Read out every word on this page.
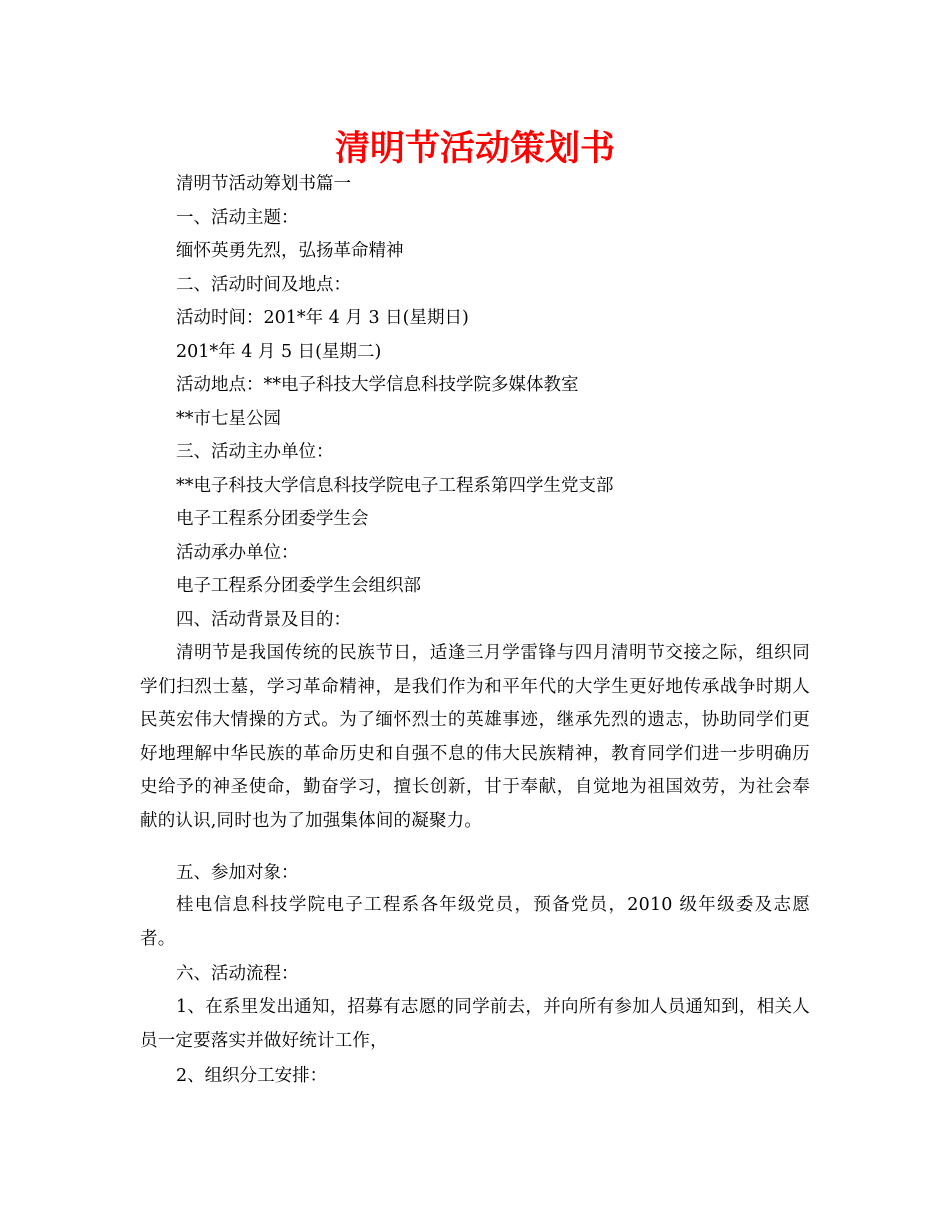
清明节活动策划书

清明节活动筹划书篇一

一、活动主题：

缅怀英勇先烈，弘扬革命精神

二、活动时间及地点：

活动时间：201*年 4 月 3 日(星期日)

201*年 4 月 5 日(星期二)

活动地点：**电子科技大学信息科技学院多媒体教室

**市七星公园

三、活动主办单位：

**电子科技大学信息科技学院电子工程系第四学生党支部

电子工程系分团委学生会

活动承办单位：

电子工程系分团委学生会组织部

四、活动背景及目的：

清明节是我国传统的民族节日，适逢三月学雷锋与四月清明节交接之际，组织同学们扫烈士墓，学习革命精神，是我们作为和平年代的大学生更好地传承战争时期人民英宏伟大情操的方式。为了缅怀烈士的英雄事迹，继承先烈的遗志，协助同学们更好地理解中华民族的革命历史和自强不息的伟大民族精神，教育同学们进一步明确历史给予的神圣使命，勤奋学习，擅长创新，甘于奉献，自觉地为祖国效劳，为社会奉献的认识,同时也为了加强集体间的凝聚力。

五、参加对象：

桂电信息科技学院电子工程系各年级党员，预备党员，2010 级年级委及志愿者。

六、活动流程：

1、在系里发出通知，招募有志愿的同学前去，并向所有参加人员通知到，相关人员一定要落实并做好统计工作，

2、组织分工安排：
